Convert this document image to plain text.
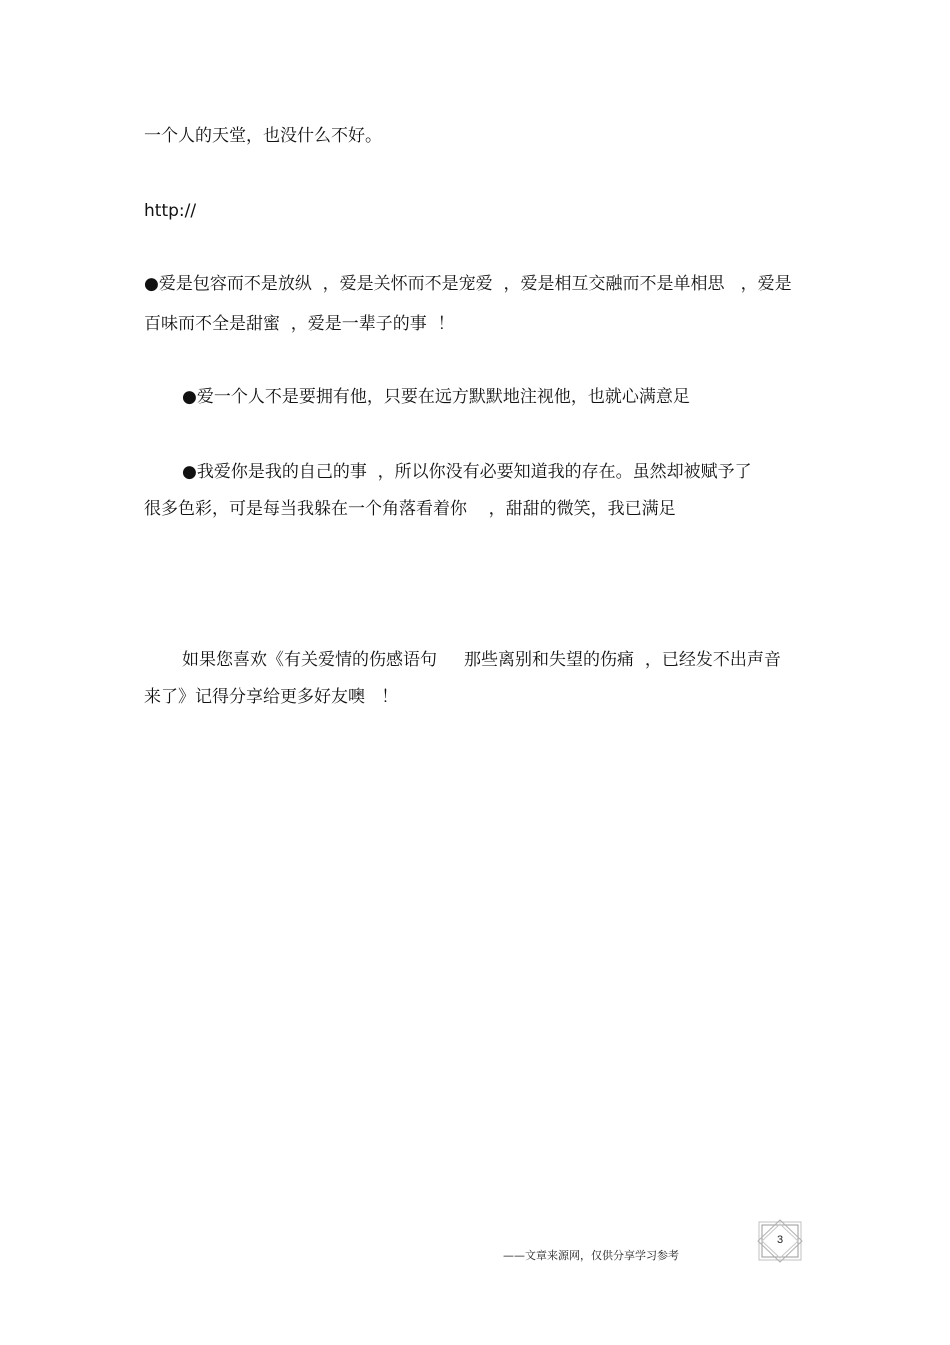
一个人的天堂，也没什么不好。
http://
●爱是包容而不是放纵  ，爱是关怀而不是宠爱  ，爱是相互交融而不是单相思   ，爱是
百味而不全是甜蜜  ，爱是一辈子的事  ！
●爱一个人不是要拥有他，只要在远方默默地注视他，也就心满意足
●我爱你是我的自己的事  ，所以你没有必要知道我的存在。虽然却被赋予了
很多色彩，可是每当我躲在一个角落看着你    ，甜甜的微笑，我已满足
如果您喜欢《有关爱情的伤感语句     那些离别和失望的伤痛  ，已经发不出声音
来了》记得分享给更多好友噢   ！
——文章来源网，仅供分享学习参考
3
